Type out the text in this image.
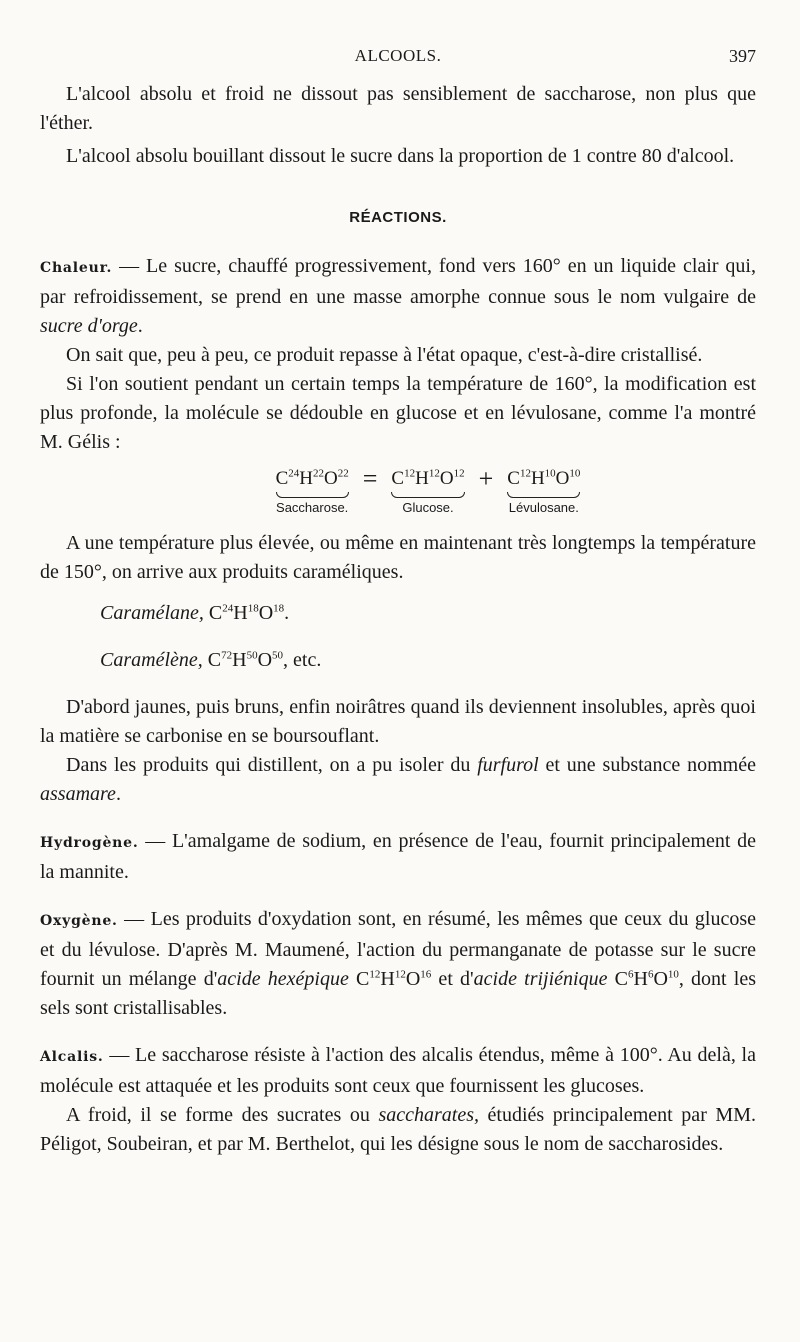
ALCOOLS.	397

L'alcool absolu et froid ne dissout pas sensiblement de saccharose, non plus que l'éther.

L'alcool absolu bouillant dissout le sucre dans la proportion de 1 contre 80 d'alcool.

RÉACTIONS.

Chaleur. — Le sucre, chauffé progressivement, fond vers 160° en un liquide clair qui, par refroidissement, se prend en une masse amorphe connue sous le nom vulgaire de sucre d'orge.

On sait que, peu à peu, ce produit repasse à l'état opaque, c'est-à-dire cristallisé.

Si l'on soutient pendant un certain temps la température de 160°, la modification est plus profonde, la molécule se dédouble en glucose et en lévulosane, comme l'a montré M. Gélis :

$C^{24}H^{22}O^{22}$
Saccharose.
= $C^{12}H^{12}O^{12}$
Glucose.
+ $C^{12}H^{10}O^{10}$
Lévulosane.

A une température plus élevée, ou même en maintenant très longtemps la température de 150°, on arrive aux produits caraméliques.

Caramélane, $C^{24}H^{18}O^{18}$.
Caramélène, $C^{72}H^{50}O^{50}$, etc.

D'abord jaunes, puis bruns, enfin noirâtres quand ils deviennent insolubles, après quoi la matière se carbonise en se boursouflant.

Dans les produits qui distillent, on a pu isoler du furfurol et une substance nommée assamare.

Hydrogène. — L'amalgame de sodium, en présence de l'eau, fournit principalement de la mannite.

Oxygène. — Les produits d'oxydation sont, en résumé, les mêmes que ceux du glucose et du lévulose. D'après M. Maumené, l'action du permanganate de potasse sur le sucre fournit un mélange d'acide hexépique $C^{12}H^{12}O^{16}$ et d'acide trijiénique $C^6H^6O^{10}$, dont les sels sont cristallisables.

Alcalis. — Le saccharose résiste à l'action des alcalis étendus, même à 100°. Au delà, la molécule est attaquée et les produits sont ceux que fournissent les glucoses.

A froid, il se forme des sucrates ou saccharates, étudiés principalement par MM. Péligot, Soubeiran, et par M. Berthelot, qui les désigne sous le nom de saccharosides.
